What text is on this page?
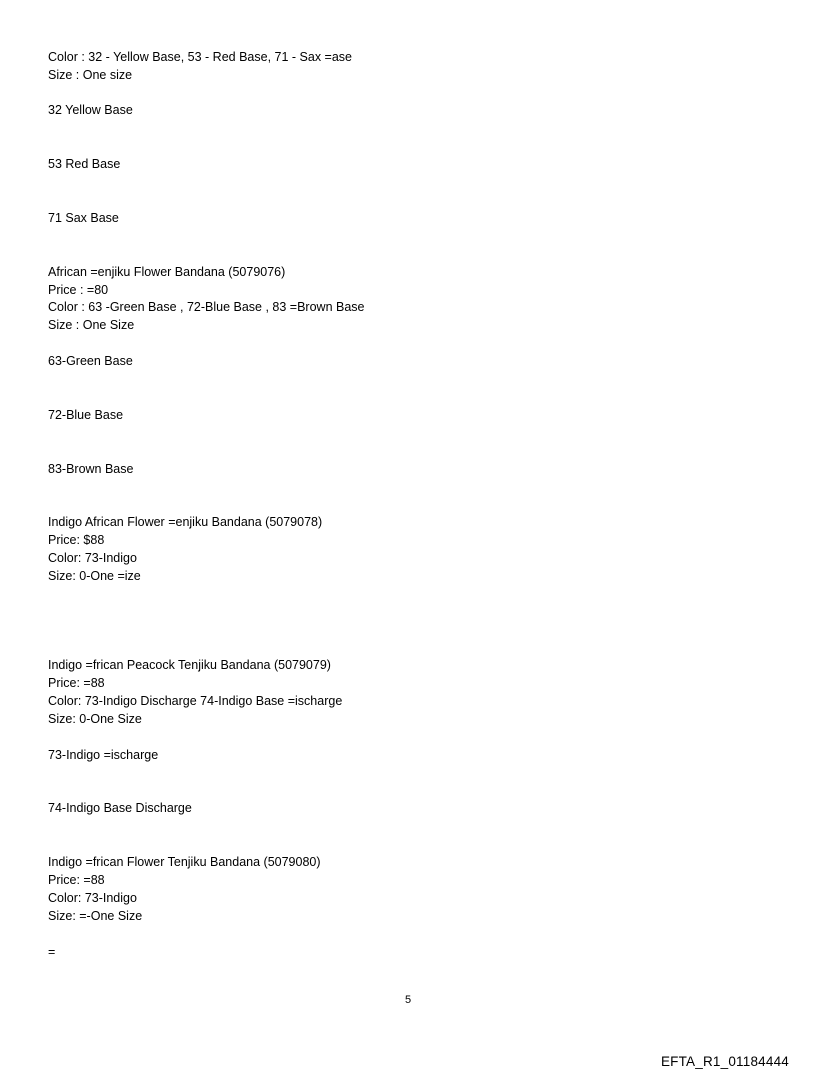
Color : 32 - Yellow Base, 53 - Red Base, 71 - Sax =ase
Size : One size
32 Yellow Base
53 Red Base
71 Sax Base
African =enjiku Flower Bandana (5079076)
Price : =80
Color : 63 -Green Base , 72-Blue Base , 83 =Brown Base
Size : One Size
63-Green Base
72-Blue Base
83-Brown Base
Indigo African Flower =enjiku Bandana (5079078)
Price: $88
Color: 73-Indigo
Size: 0-One =ize
Indigo =frican Peacock Tenjiku Bandana (5079079)
Price: =88
Color: 73-Indigo Discharge 74-Indigo Base =ischarge
Size: 0-One Size
73-Indigo =ischarge
74-Indigo Base Discharge
Indigo =frican Flower Tenjiku Bandana (5079080)
Price: =88
Color: 73-Indigo
Size: =-One Size
=
5
EFTA_R1_01184444
